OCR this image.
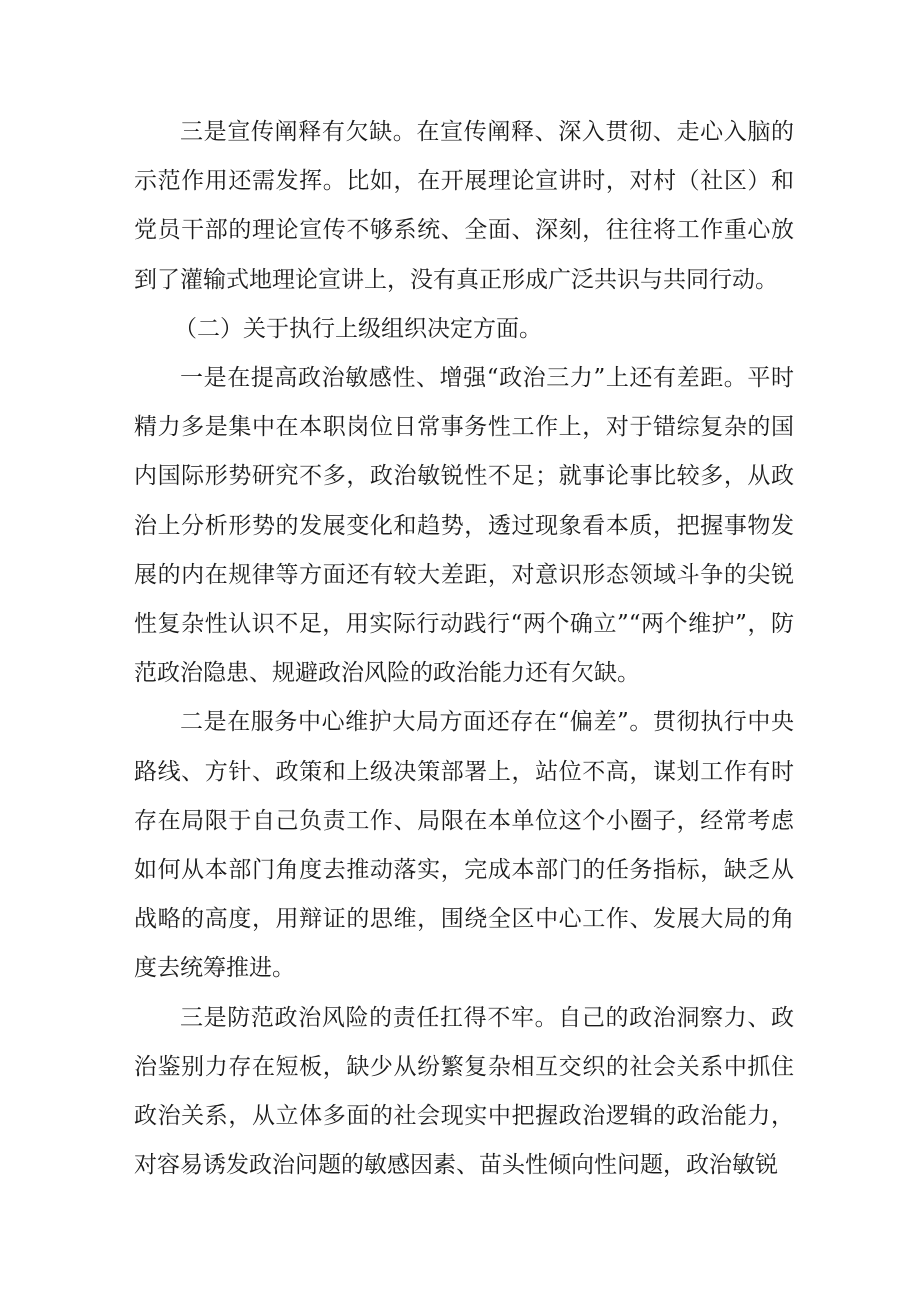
三是宣传阐释有欠缺。在宣传阐释、深入贯彻、走心入脑的示范作用还需发挥。比如，在开展理论宣讲时，对村（社区）和党员干部的理论宣传不够系统、全面、深刻，往往将工作重心放到了灌输式地理论宣讲上，没有真正形成广泛共识与共同行动。

（二）关于执行上级组织决定方面。

一是在提高政治敏感性、增强“政治三力”上还有差距。平时精力多是集中在本职岗位日常事务性工作上，对于错综复杂的国内国际形势研究不多，政治敏锐性不足；就事论事比较多，从政治上分析形势的发展变化和趋势，透过现象看本质，把握事物发展的内在规律等方面还有较大差距，对意识形态领域斗争的尖锐性复杂性认识不足，用实际行动践行“两个确立”“两个维护”，防范政治隐患、规避政治风险的政治能力还有欠缺。

二是在服务中心维护大局方面还存在“偏差”。贯彻执行中央路线、方针、政策和上级决策部署上，站位不高，谋划工作有时存在局限于自己负责工作、局限在本单位这个小圈子，经常考虑如何从本部门角度去推动落实，完成本部门的任务指标，缺乏从战略的高度，用辩证的思维，围绕全区中心工作、发展大局的角度去统筹推进。

三是防范政治风险的责任扛得不牢。自己的政治洞察力、政治鉴别力存在短板，缺少从纷繁复杂相互交织的社会关系中抓住政治关系，从立体多面的社会现实中把握政治逻辑的政治能力，对容易诱发政治问题的敏感因素、苗头性倾向性问题，政治敏锐
